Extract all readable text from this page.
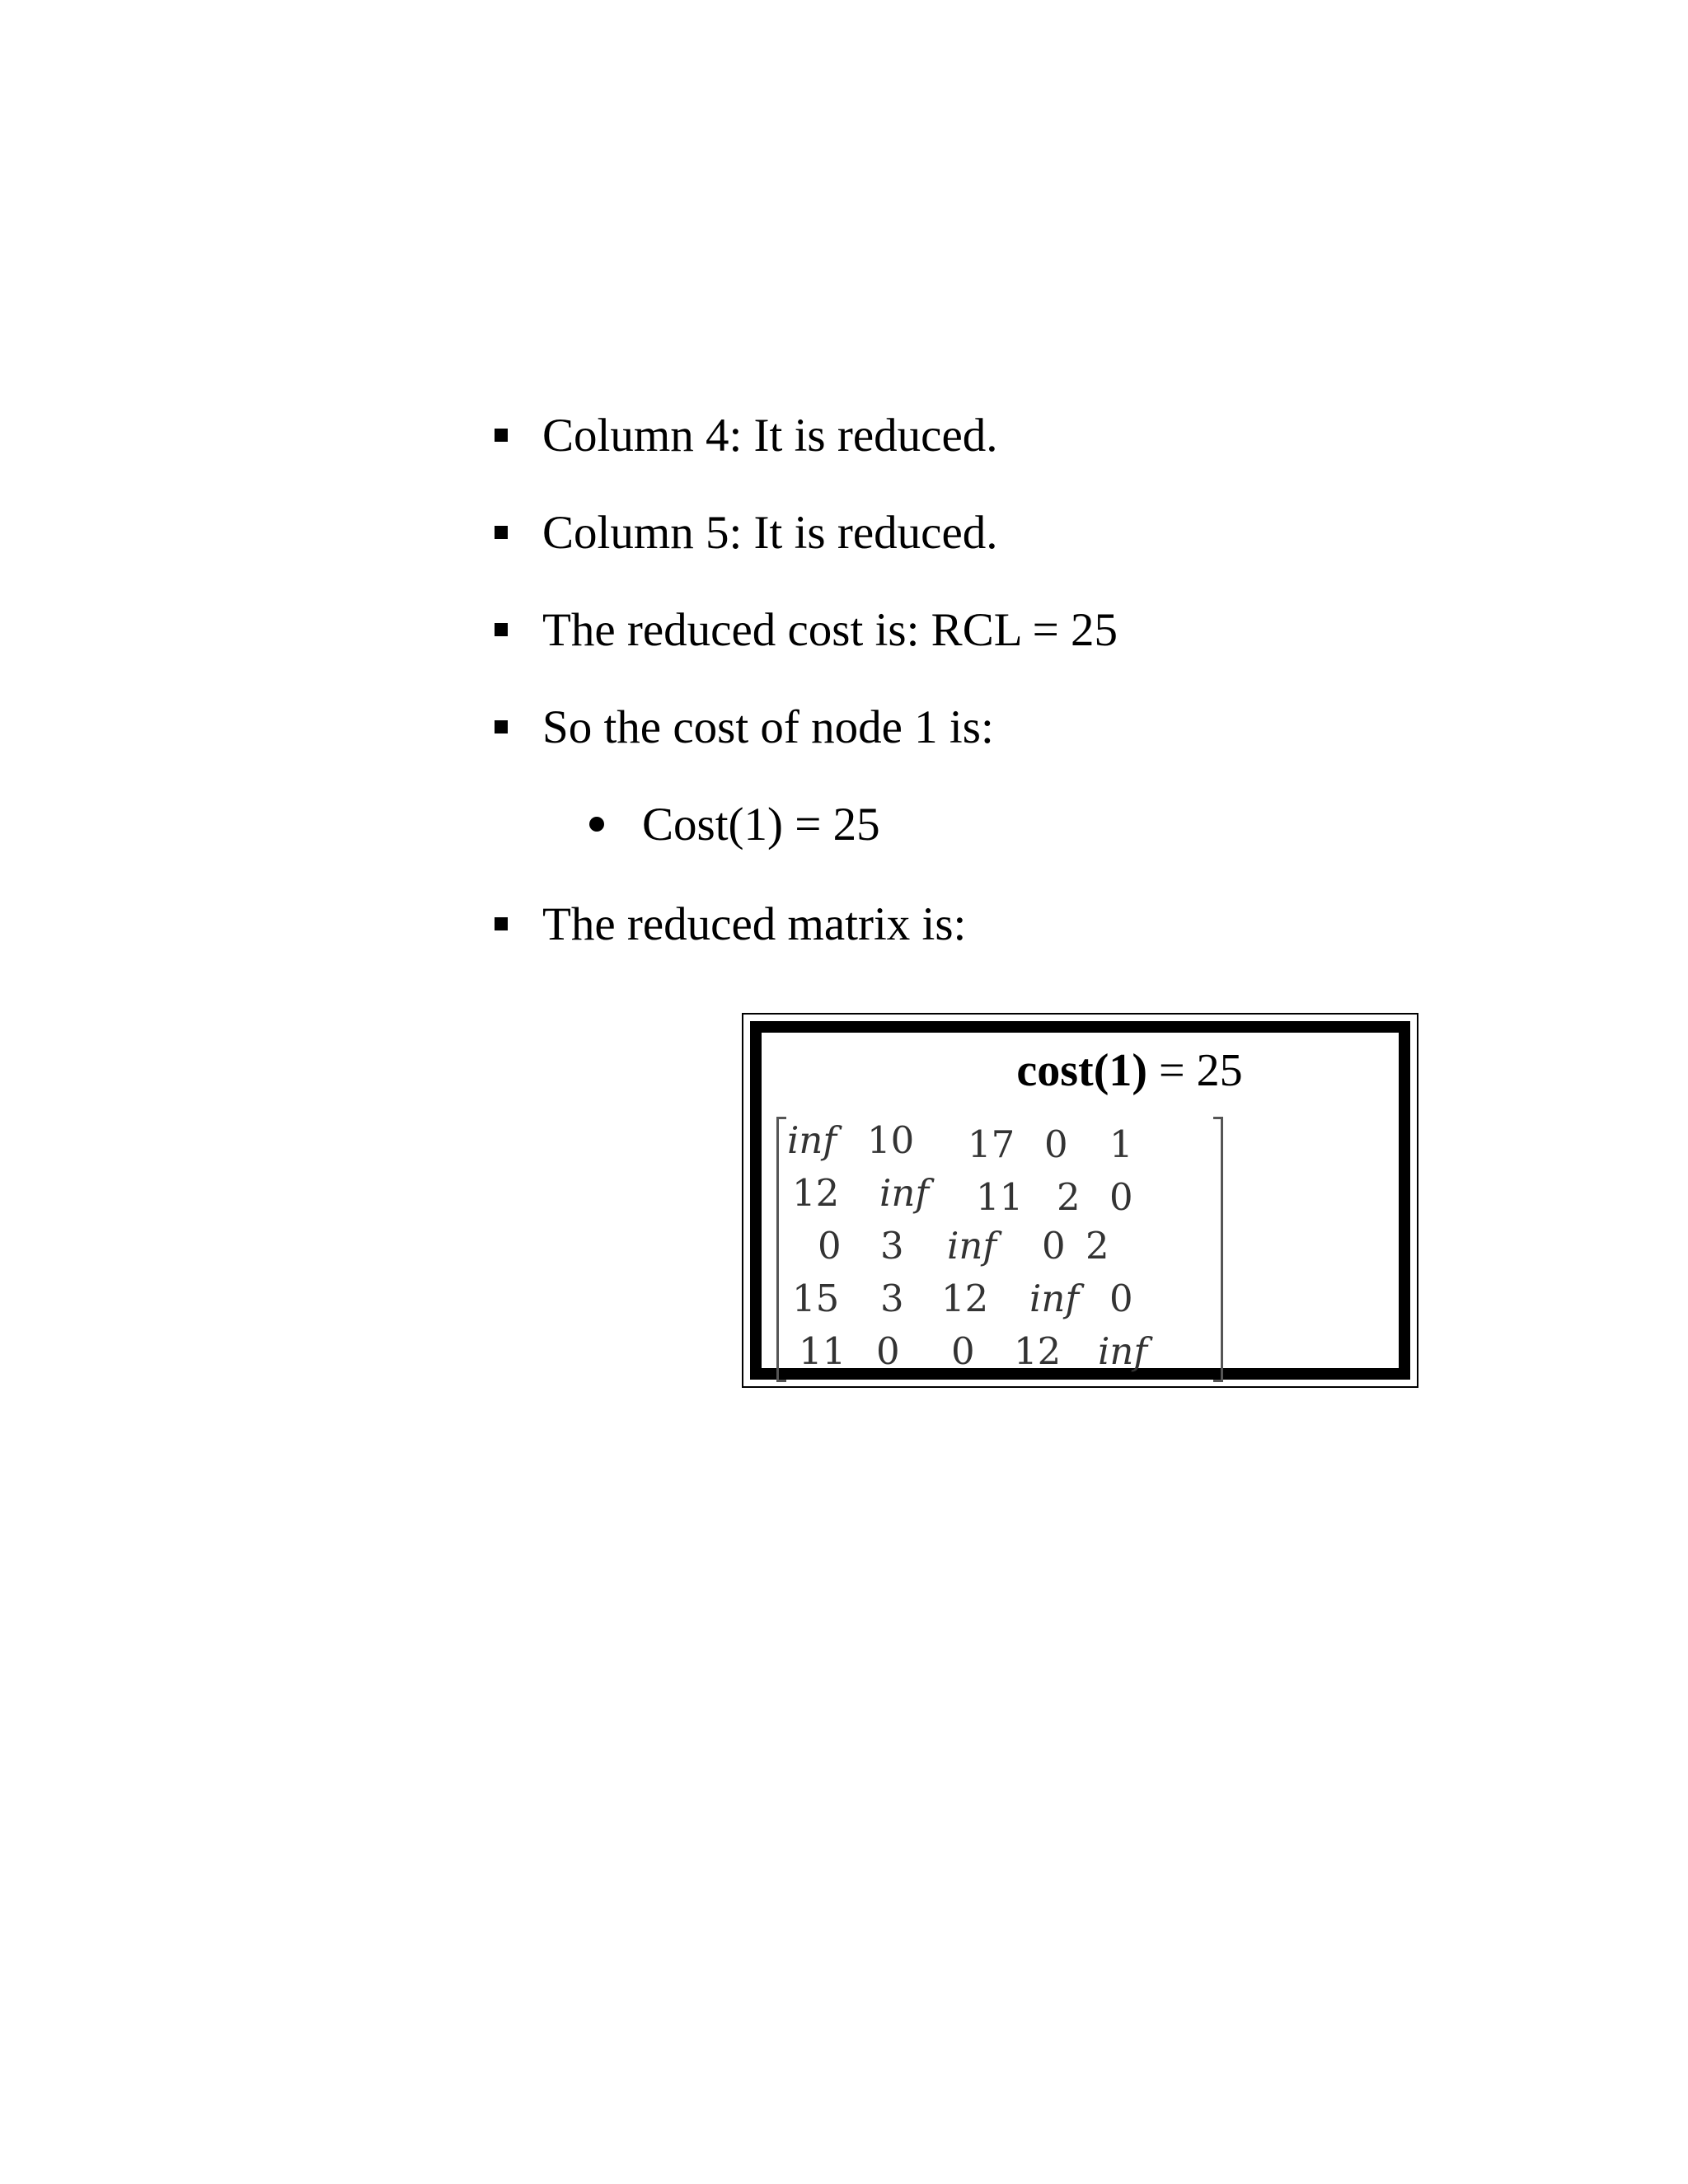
Column 4: It is reduced.
Column 5: It is reduced.
The reduced cost is: RCL = 25
So the cost of node 1 is:
Cost(1) = 25
The reduced matrix is:
cost(1) = 25
inf 10 17 0 1
12 inf 11 2 0
0 3 inf 0 2
15 3 12 inf 0
11 0 0 12 inf
